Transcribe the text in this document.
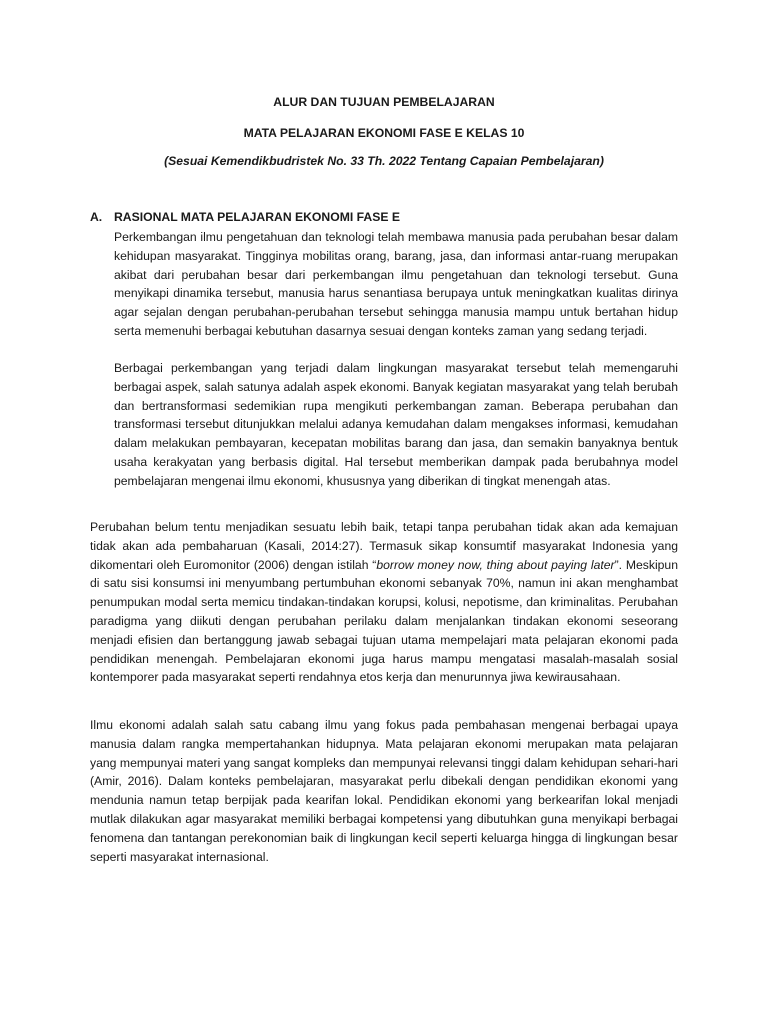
ALUR DAN TUJUAN PEMBELAJARAN
MATA PELAJARAN EKONOMI FASE E KELAS 10
(Sesuai Kemendikbudristek No. 33 Th. 2022 Tentang Capaian Pembelajaran)
A. RASIONAL MATA PELAJARAN EKONOMI FASE E

Perkembangan ilmu pengetahuan dan teknologi telah membawa manusia pada perubahan besar dalam kehidupan masyarakat. Tingginya mobilitas orang, barang, jasa, dan informasi antar-ruang merupakan akibat dari perubahan besar dari perkembangan ilmu pengetahuan dan teknologi tersebut. Guna menyikapi dinamika tersebut, manusia harus senantiasa berupaya untuk meningkatkan kualitas dirinya agar sejalan dengan perubahan-perubahan tersebut sehingga manusia mampu untuk bertahan hidup serta memenuhi berbagai kebutuhan dasarnya sesuai dengan konteks zaman yang sedang terjadi.

Berbagai perkembangan yang terjadi dalam lingkungan masyarakat tersebut telah memengaruhi berbagai aspek, salah satunya adalah aspek ekonomi. Banyak kegiatan masyarakat yang telah berubah dan bertransformasi sedemikian rupa mengikuti perkembangan zaman. Beberapa perubahan dan transformasi tersebut ditunjukkan melalui adanya kemudahan dalam mengakses informasi, kemudahan dalam melakukan pembayaran, kecepatan mobilitas barang dan jasa, dan semakin banyaknya bentuk usaha kerakyatan yang berbasis digital. Hal tersebut memberikan dampak pada berubahnya model pembelajaran mengenai ilmu ekonomi, khususnya yang diberikan di tingkat menengah atas.

Perubahan belum tentu menjadikan sesuatu lebih baik, tetapi tanpa perubahan tidak akan ada kemajuan tidak akan ada pembaharuan (Kasali, 2014:27). Termasuk sikap konsumtif masyarakat Indonesia yang dikomentari oleh Euromonitor (2006) dengan istilah “borrow money now, thing about paying later”. Meskipun di satu sisi konsumsi ini menyumbang pertumbuhan ekonomi sebanyak 70%, namun ini akan menghambat penumpukan modal serta memicu tindakan-tindakan korupsi, kolusi, nepotisme, dan kriminalitas. Perubahan paradigma yang diikuti dengan perubahan perilaku dalam menjalankan tindakan ekonomi seseorang menjadi efisien dan bertanggung jawab sebagai tujuan utama mempelajari mata pelajaran ekonomi pada pendidikan menengah. Pembelajaran ekonomi juga harus mampu mengatasi masalah-masalah sosial kontemporer pada masyarakat seperti rendahnya etos kerja dan menurunnya jiwa kewirausahaan.

Ilmu ekonomi adalah salah satu cabang ilmu yang fokus pada pembahasan mengenai berbagai upaya manusia dalam rangka mempertahankan hidupnya. Mata pelajaran ekonomi merupakan mata pelajaran yang mempunyai materi yang sangat kompleks dan mempunyai relevansi tinggi dalam kehidupan sehari-hari (Amir, 2016). Dalam konteks pembelajaran, masyarakat perlu dibekali dengan pendidikan ekonomi yang mendunia namun tetap berpijak pada kearifan lokal. Pendidikan ekonomi yang berkearifan lokal menjadi mutlak dilakukan agar masyarakat memiliki berbagai kompetensi yang dibutuhkan guna menyikapi berbagai fenomena dan tantangan perekonomian baik di lingkungan kecil seperti keluarga hingga di lingkungan besar seperti masyarakat internasional.
